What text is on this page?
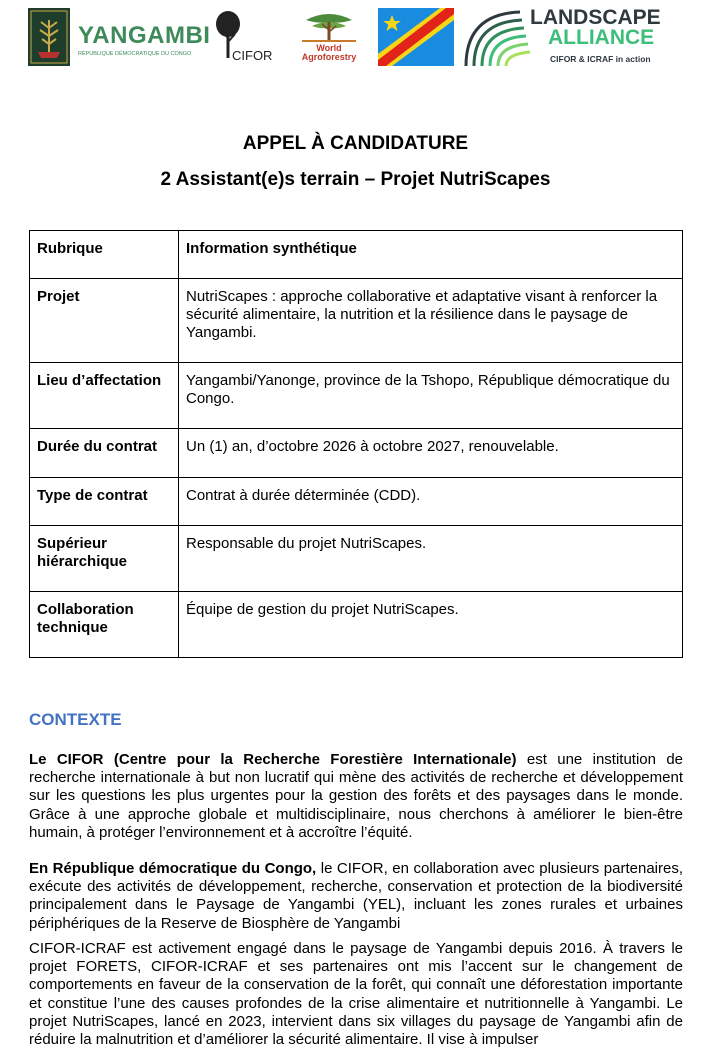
YANGAMBI
RÉPUBLIQUE DÉMOCRATIQUE DU CONGO	CIFOR	World
Agroforestry
LANDSCAPE
ALLIANCE
CIFOR & ICRAF in action
APPEL À CANDIDATURE
2 Assistant(e)s terrain – Projet NutriScapes
Rubrique	Information synthétique
Projet	NutriScapes : approche collaborative et adaptative visant à renforcer la sécurité alimentaire, la nutrition et la résilience dans le paysage de Yangambi.
Lieu d’affectation	Yangambi/Yanonge, province de la Tshopo, République démocratique du Congo.
Durée du contrat	Un (1) an, d’octobre 2026 à octobre 2027, renouvelable.
Type de contrat	Contrat à durée déterminée (CDD).
Supérieur hiérarchique	Responsable du projet NutriScapes.
Collaboration technique	Équipe de gestion du projet NutriScapes.
CONTEXTE

Le CIFOR (Centre pour la Recherche Forestière Internationale) est une institution de recherche internationale à but non lucratif qui mène des activités de recherche et développement sur les questions les plus urgentes pour la gestion des forêts et des paysages dans le monde. Grâce à une approche globale et multidisciplinaire, nous cherchons à améliorer le bien-être humain, à protéger l’environnement et à accroître l’équité.

En République démocratique du Congo, le CIFOR, en collaboration avec plusieurs partenaires, exécute des activités de développement, recherche, conservation et protection de la biodiversité principalement dans le Paysage de Yangambi (YEL), incluant les zones rurales et urbaines périphériques de la Reserve de Biosphère de Yangambi

CIFOR-ICRAF est activement engagé dans le paysage de Yangambi depuis 2016. À travers le projet FORETS, CIFOR-ICRAF et ses partenaires ont mis l’accent sur le changement de comportements en faveur de la conservation de la forêt, qui connaît une déforestation importante et constitue l’une des causes profondes de la crise alimentaire et nutritionnelle à Yangambi. Le projet NutriScapes, lancé en 2023, intervient dans six villages du paysage de Yangambi afin de réduire la malnutrition et d’améliorer la sécurité alimentaire. Il vise à impulser
